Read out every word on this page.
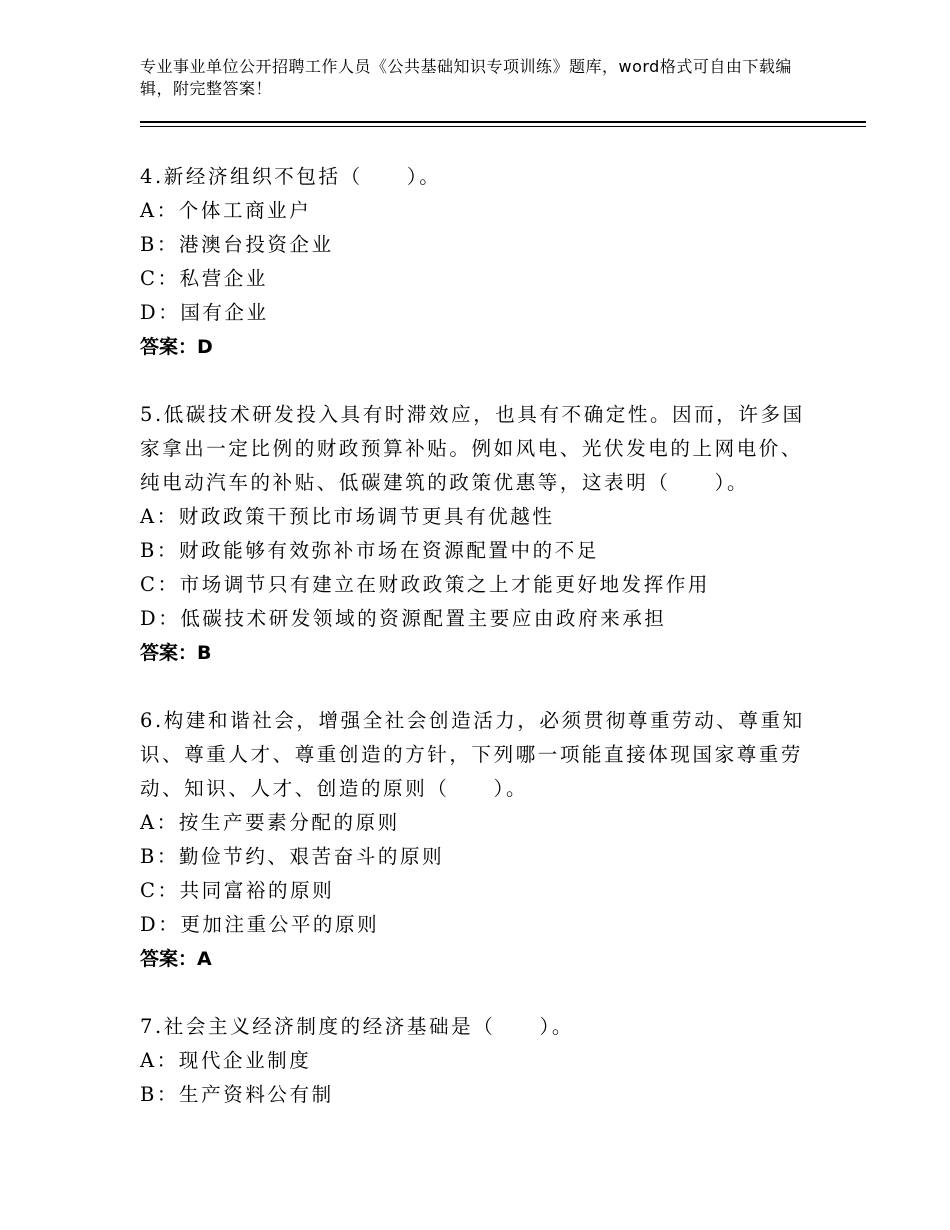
专业事业单位公开招聘工作人员《公共基础知识专项训练》题库，word格式可自由下载编辑，附完整答案！

4.新经济组织不包括（　　）。

A：个体工商业户

B：港澳台投资企业

C：私营企业

D：国有企业

答案：D

5.低碳技术研发投入具有时滞效应，也具有不确定性。因而，许多国家拿出一定比例的财政预算补贴。例如风电、光伏发电的上网电价、纯电动汽车的补贴、低碳建筑的政策优惠等，这表明（　　）。

A：财政政策干预比市场调节更具有优越性

B：财政能够有效弥补市场在资源配置中的不足

C：市场调节只有建立在财政政策之上才能更好地发挥作用

D：低碳技术研发领域的资源配置主要应由政府来承担

答案：B

6.构建和谐社会，增强全社会创造活力，必须贯彻尊重劳动、尊重知识、尊重人才、尊重创造的方针，下列哪一项能直接体现国家尊重劳动、知识、人才、创造的原则（　　）。

A：按生产要素分配的原则

B：勤俭节约、艰苦奋斗的原则

C：共同富裕的原则

D：更加注重公平的原则

答案：A

7.社会主义经济制度的经济基础是（　　）。

A：现代企业制度

B：生产资料公有制
